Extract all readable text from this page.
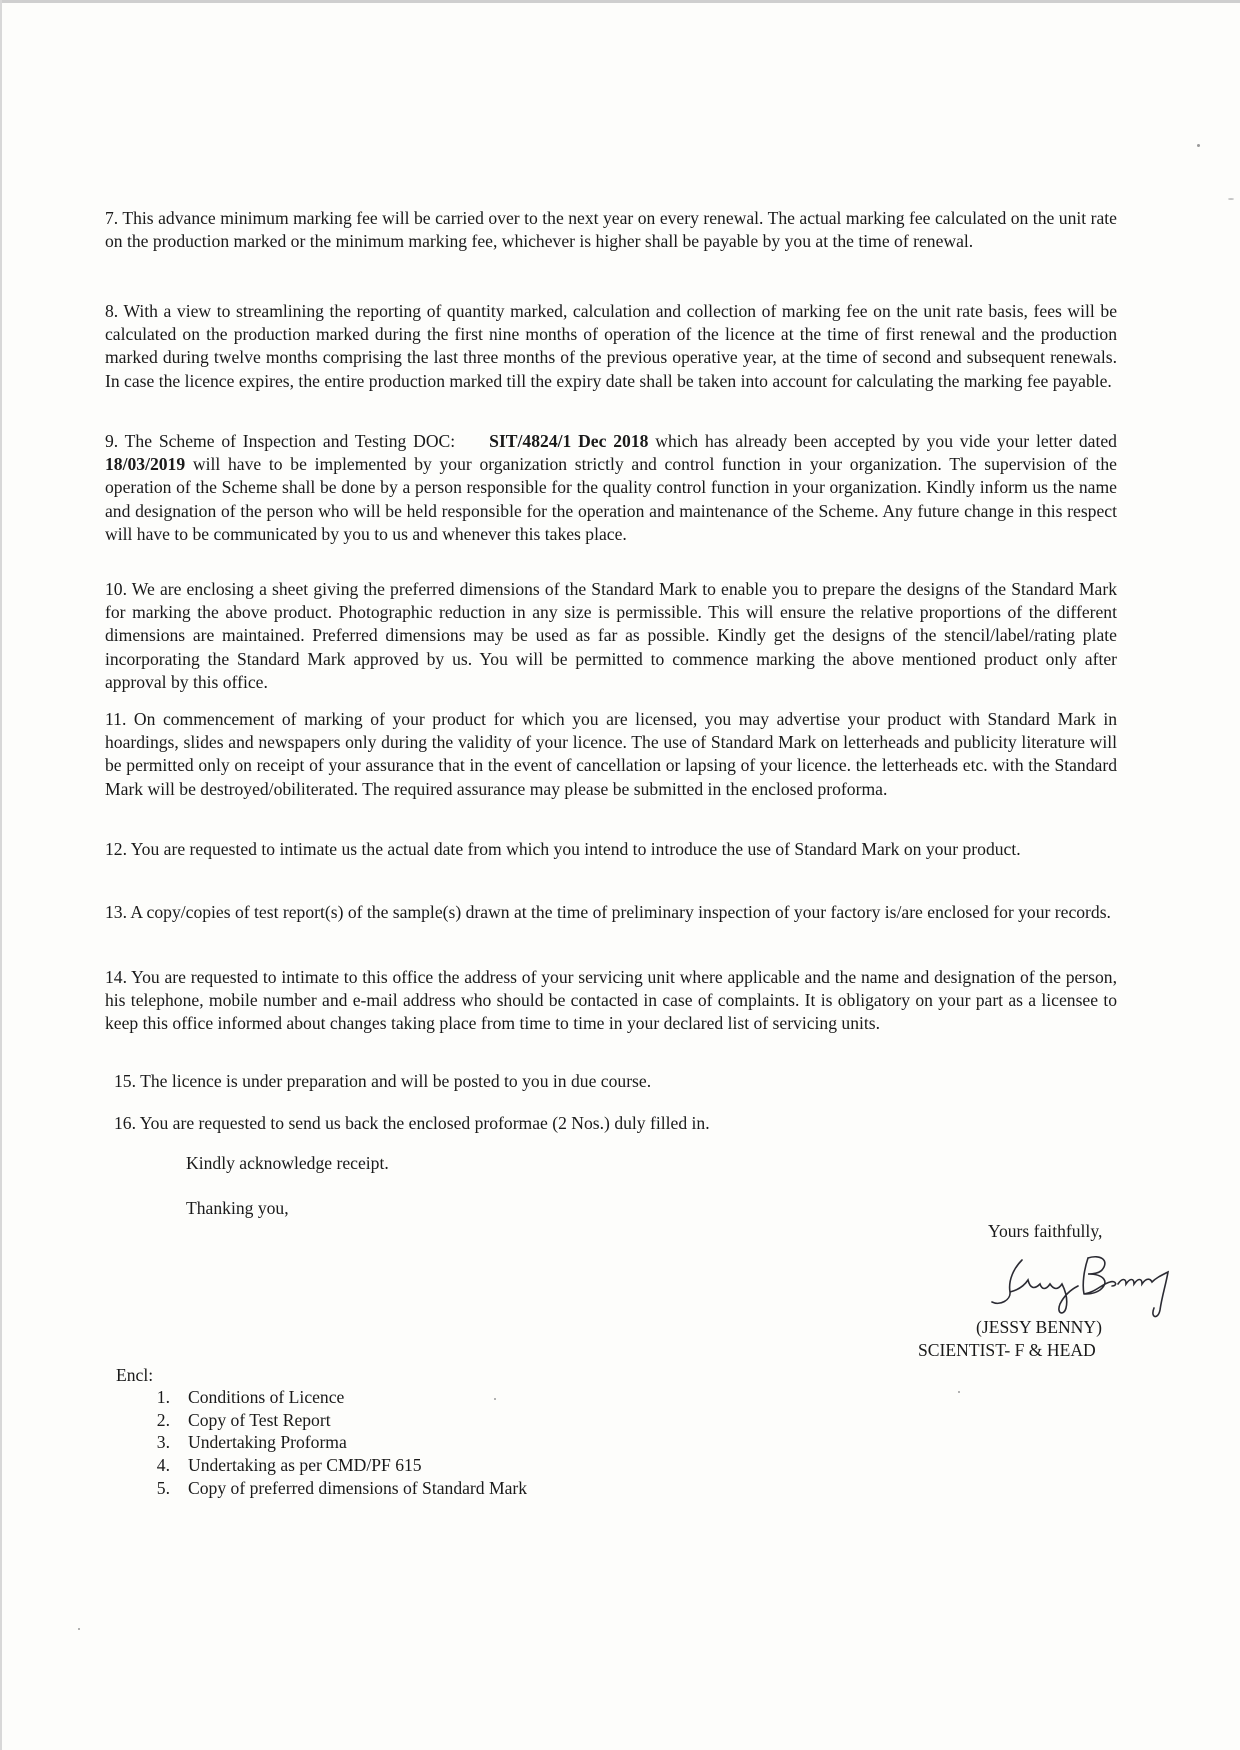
7. This advance minimum marking fee will be carried over to the next year on every renewal. The actual marking fee calculated on the unit rate on the production marked or the minimum marking fee, whichever is higher shall be payable by you at the time of renewal.

8. With a view to streamlining the reporting of quantity marked, calculation and collection of marking fee on the unit rate basis, fees will be calculated on the production marked during the first nine months of operation of the licence at the time of first renewal and the production marked during twelve months comprising the last three months of the previous operative year, at the time of second and subsequent renewals. In case the licence expires, the entire production marked till the expiry date shall be taken into account for calculating the marking fee payable.

9. The Scheme of Inspection and Testing DOC: SIT/4824/1 Dec 2018 which has already been accepted by you vide your letter dated 18/03/2019 will have to be implemented by your organization strictly and control function in your organization. The supervision of the operation of the Scheme shall be done by a person responsible for the quality control function in your organization. Kindly inform us the name and designation of the person who will be held responsible for the operation and maintenance of the Scheme. Any future change in this respect will have to be communicated by you to us and whenever this takes place.

10. We are enclosing a sheet giving the preferred dimensions of the Standard Mark to enable you to prepare the designs of the Standard Mark for marking the above product. Photographic reduction in any size is permissible. This will ensure the relative proportions of the different dimensions are maintained. Preferred dimensions may be used as far as possible. Kindly get the designs of the stencil/label/rating plate incorporating the Standard Mark approved by us. You will be permitted to commence marking the above mentioned product only after approval by this office.

11. On commencement of marking of your product for which you are licensed, you may advertise your product with Standard Mark in hoardings, slides and newspapers only during the validity of your licence. The use of Standard Mark on letterheads and publicity literature will be permitted only on receipt of your assurance that in the event of cancellation or lapsing of your licence. the letterheads etc. with the Standard Mark will be destroyed/obiliterated. The required assurance may please be submitted in the enclosed proforma.

12. You are requested to intimate us the actual date from which you intend to introduce the use of Standard Mark on your product.

13. A copy/copies of test report(s) of the sample(s) drawn at the time of preliminary inspection of your factory is/are enclosed for your records.

14. You are requested to intimate to this office the address of your servicing unit where applicable and the name and designation of the person, his telephone, mobile number and e-mail address who should be contacted in case of complaints. It is obligatory on your part as a licensee to keep this office informed about changes taking place from time to time in your declared list of servicing units.

15. The licence is under preparation and will be posted to you in due course.

16. You are requested to send us back the enclosed proformae (2 Nos.) duly filled in.

Kindly acknowledge receipt.

Thanking you,

Yours faithfully,

(JESSY BENNY)

SCIENTIST- F & HEAD

Encl:

1. Conditions of Licence
2. Copy of Test Report
3. Undertaking Proforma
4. Undertaking as per CMD/PF 615
5. Copy of preferred dimensions of Standard Mark
